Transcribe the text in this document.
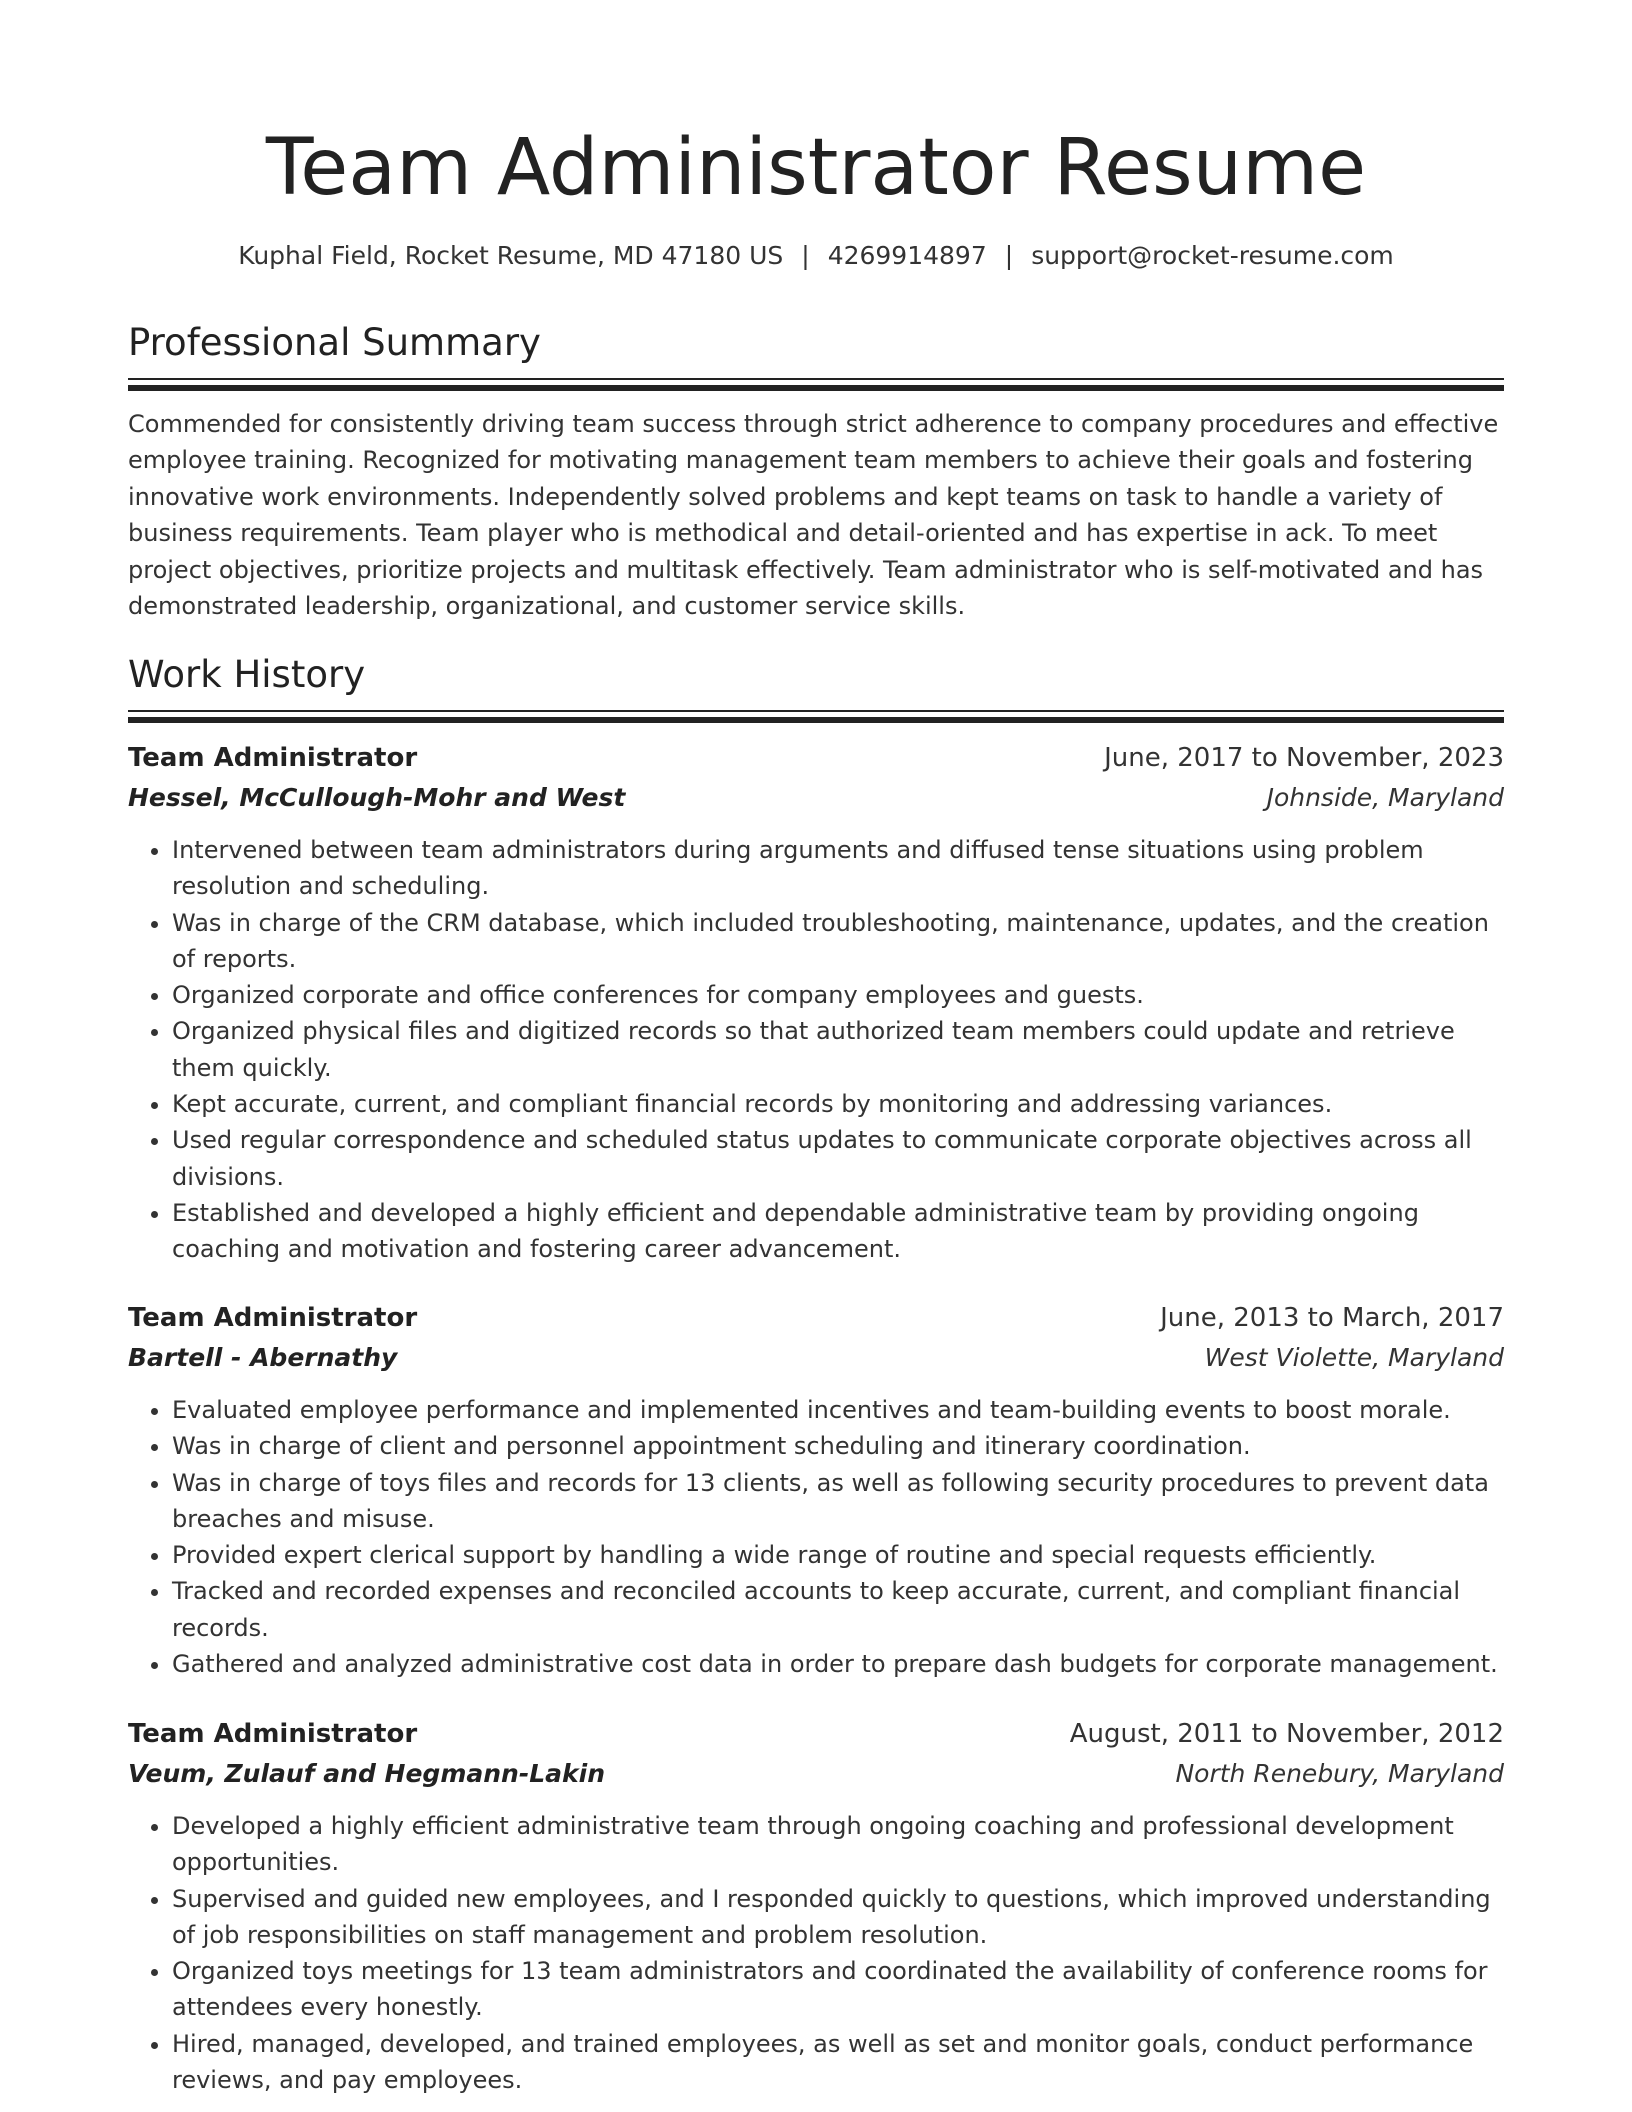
Team Administrator Resume
Kuphal Field, Rocket Resume, MD 47180 US | 4269914897 | support@rocket-resume.com
Professional Summary

Commended for consistently driving team success through strict adherence to company procedures and effective employee training. Recognized for motivating management team members to achieve their goals and fostering innovative work environments. Independently solved problems and kept teams on task to handle a variety of business requirements. Team player who is methodical and detail-oriented and has expertise in ack. To meet project objectives, prioritize projects and multitask effectively. Team administrator who is self-motivated and has demonstrated leadership, organizational, and customer service skills.

Work History
Team Administrator	June, 2017 to November, 2023
Hessel, McCullough-Mohr and West	Johnside, Maryland
• Intervened between team administrators during arguments and diffused tense situations using problem resolution and scheduling.
• Was in charge of the CRM database, which included troubleshooting, maintenance, updates, and the creation of reports.
• Organized corporate and office conferences for company employees and guests.
• Organized physical files and digitized records so that authorized team members could update and retrieve them quickly.
• Kept accurate, current, and compliant financial records by monitoring and addressing variances.
• Used regular correspondence and scheduled status updates to communicate corporate objectives across all divisions.
• Established and developed a highly efficient and dependable administrative team by providing ongoing coaching and motivation and fostering career advancement.
Team Administrator	June, 2013 to March, 2017
Bartell - Abernathy	West Violette, Maryland
• Evaluated employee performance and implemented incentives and team-building events to boost morale.
• Was in charge of client and personnel appointment scheduling and itinerary coordination.
• Was in charge of toys files and records for 13 clients, as well as following security procedures to prevent data breaches and misuse.
• Provided expert clerical support by handling a wide range of routine and special requests efficiently.
• Tracked and recorded expenses and reconciled accounts to keep accurate, current, and compliant financial records.
• Gathered and analyzed administrative cost data in order to prepare dash budgets for corporate management.
Team Administrator	August, 2011 to November, 2012
Veum, Zulauf and Hegmann-Lakin	North Renebury, Maryland
• Developed a highly efficient administrative team through ongoing coaching and professional development opportunities.
• Supervised and guided new employees, and I responded quickly to questions, which improved understanding of job responsibilities on staff management and problem resolution.
• Organized toys meetings for 13 team administrators and coordinated the availability of conference rooms for attendees every honestly.
• Hired, managed, developed, and trained employees, as well as set and monitor goals, conduct performance reviews, and pay employees.
